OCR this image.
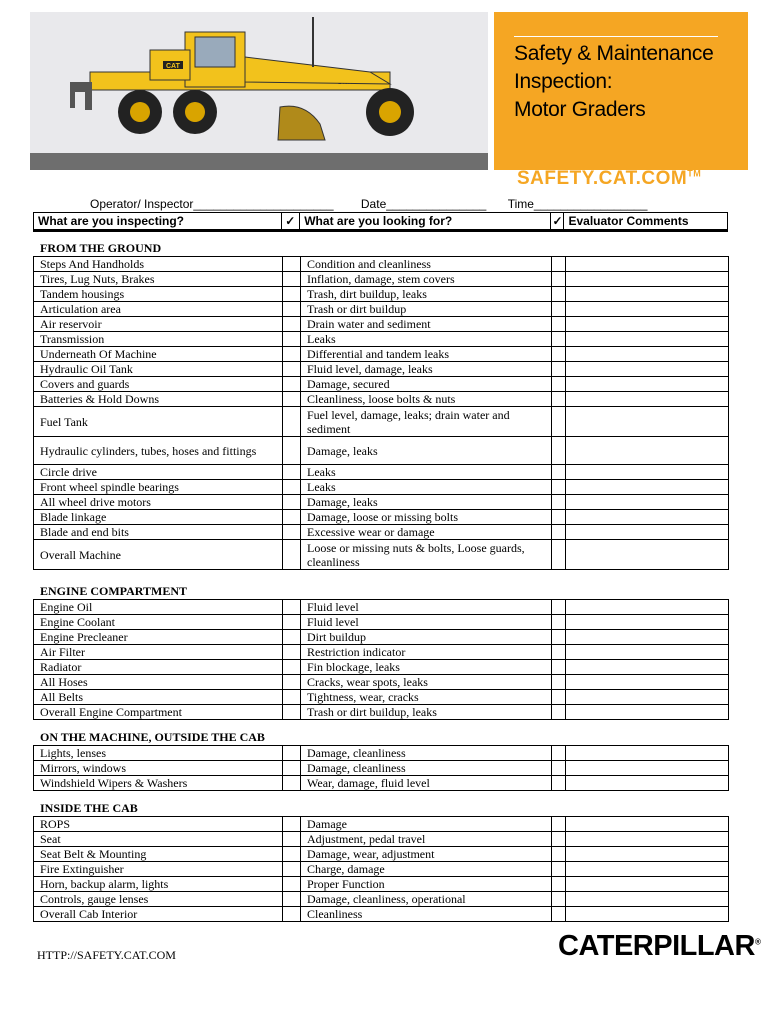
CAT
Safety & Maintenance
Inspection:
Motor Graders
SAFETY.CAT.COM™
Operator/ Inspector_____________________ Date_______________ Time_________________
What are you inspecting?	✓ What are you looking for?	✓ Evaluator Comments
FROM THE GROUND
Steps And Handholds		Condition and cleanliness		
Tires, Lug Nuts, Brakes		Inflation, damage, stem covers		
Tandem housings		Trash, dirt buildup, leaks		
Articulation area		Trash or dirt buildup		
Air reservoir		Drain water and sediment		
Transmission		Leaks		
Underneath Of Machine		Differential and tandem leaks		
Hydraulic Oil Tank		Fluid level, damage, leaks		
Covers and guards		Damage, secured		
Batteries & Hold Downs		Cleanliness, loose bolts & nuts		
Fuel Tank		Fuel level, damage, leaks; drain water and sediment		
Hydraulic cylinders, tubes, hoses and fittings		Damage, leaks		
Circle drive		Leaks		
Front wheel spindle bearings		Leaks		
All wheel drive motors		Damage, leaks		
Blade linkage		Damage, loose or missing bolts		
Blade and end bits		Excessive wear or damage		
Overall Machine		Loose or missing nuts & bolts, Loose guards, cleanliness		
ENGINE COMPARTMENT
Engine Oil		Fluid level		
Engine Coolant		Fluid level		
Engine Precleaner		Dirt buildup		
Air Filter		Restriction indicator		
Radiator		Fin blockage, leaks		
All Hoses		Cracks, wear spots, leaks		
All Belts		Tightness, wear, cracks		
Overall Engine Compartment		Trash or dirt buildup, leaks		
ON THE MACHINE, OUTSIDE THE CAB
Lights, lenses		Damage, cleanliness		
Mirrors, windows		Damage, cleanliness		
Windshield Wipers & Washers		Wear, damage, fluid level		
INSIDE THE CAB
ROPS		Damage		
Seat		Adjustment, pedal travel		
Seat Belt & Mounting		Damage, wear, adjustment		
Fire Extinguisher		Charge, damage		
Horn, backup alarm, lights		Proper Function		
Controls, gauge lenses		Damage, cleanliness, operational		
Overall Cab Interior		Cleanliness		
HTTP://SAFETY.CAT.COM	CATERPILLAR®
